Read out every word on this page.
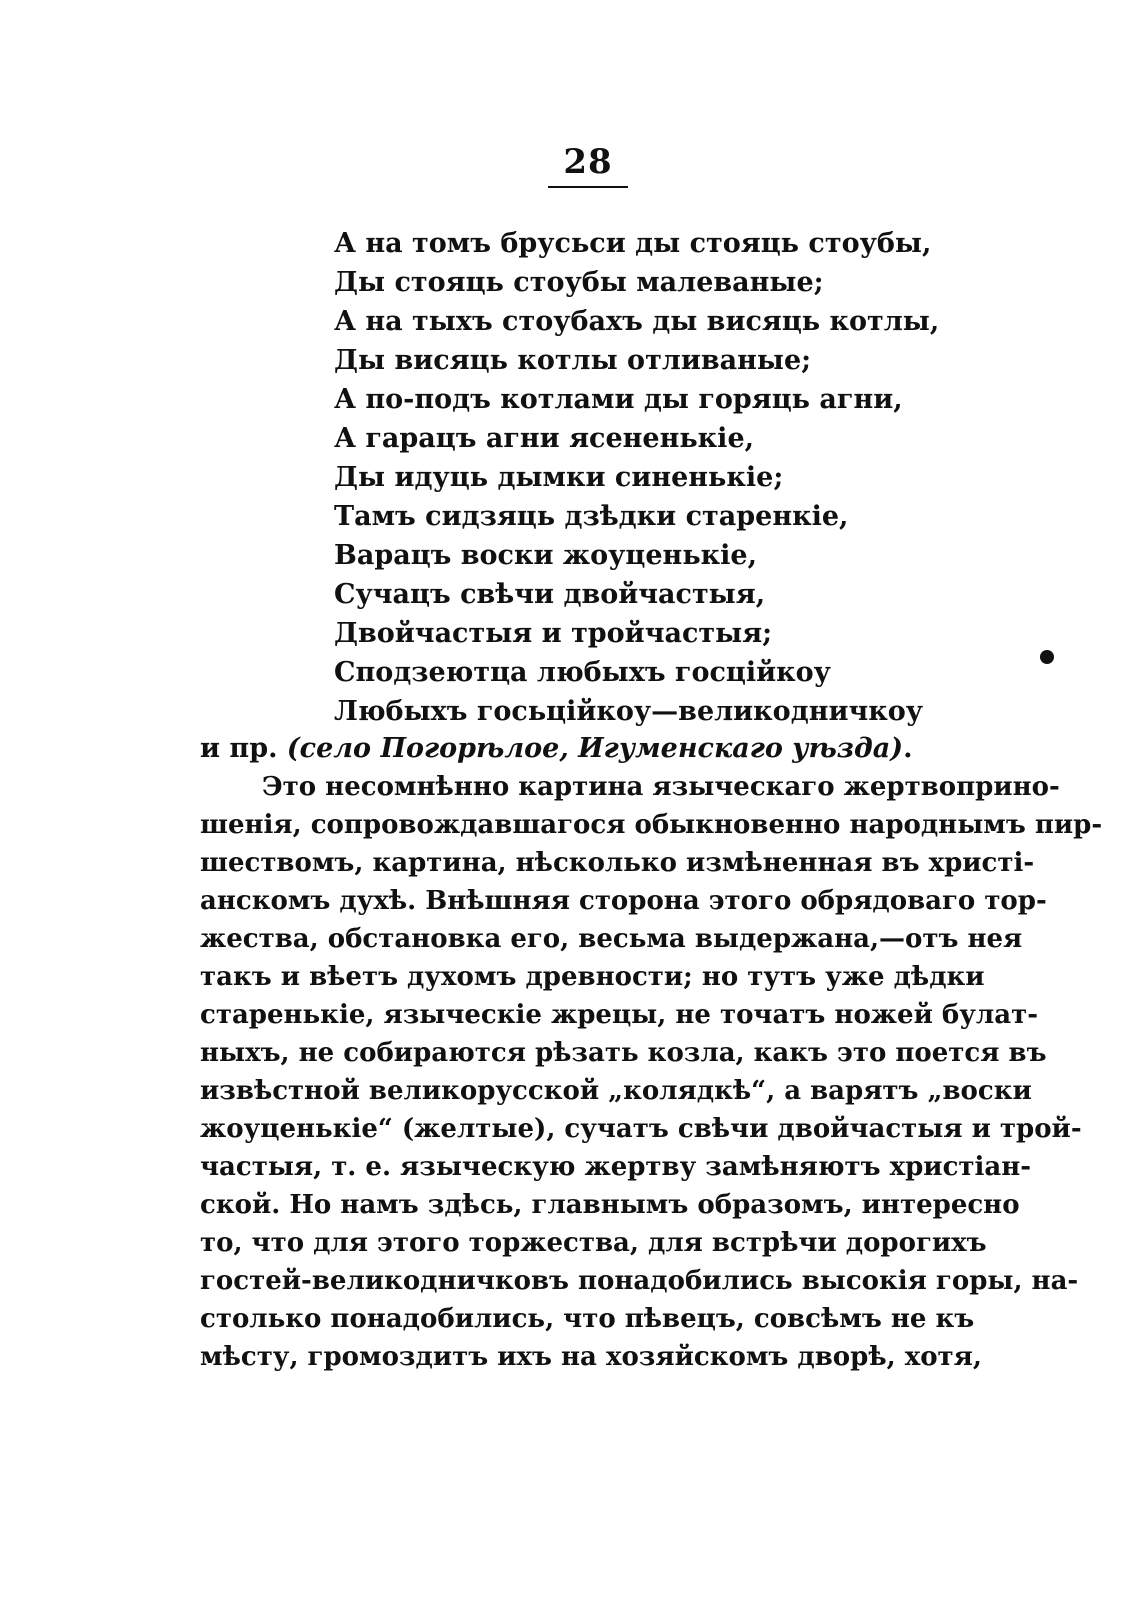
28
А на томъ брусьси ды стояць стоубы,
Ды стояць стоубы малеваные;
А на тыхъ стоубахъ ды висяць котлы,
Ды висяць котлы отливаные;
А по-подъ котлами ды горяць агни,
А гарацъ агни ясененькіе,
Ды идуць дымки синенькіе;
Тамъ сидзяць дзѣдки старенкіе,
Варацъ воски жоуценькіе,
Сучацъ свѣчи двойчастыя,
Двойчастыя и тройчастыя;
Сподзеютца любыхъ госційкоу
Любыхъ госьційкоу—великодничкоу
и пр. (село Погорѣлое, Игуменскаго уѣзда).
Это несомнѣнно картина языческаго жертвоприно-
шенія, сопровождавшагося обыкновенно народнымъ пир-
шествомъ, картина, нѣсколько измѣненная въ христі-
анскомъ духѣ. Внѣшняя сторона этого обрядоваго тор-
жества, обстановка его, весьма выдержана,—отъ нея
такъ и вѣетъ духомъ древности; но тутъ уже дѣдки
старенькіе, языческіе жрецы, не точатъ ножей булат-
ныхъ, не собираются рѣзать козла, какъ это поется въ
извѣстной великорусской „колядкѣ“, а варятъ „воски
жоуценькіе“ (желтые), сучатъ свѣчи двойчастыя и трой-
частыя, т. е. языческую жертву замѣняютъ христіан-
ской. Но намъ здѣсь, главнымъ образомъ, интересно
то, что для этого торжества, для встрѣчи дорогихъ
гостей-великодничковъ понадобились высокія горы, на-
столько понадобились, что пѣвецъ, совсѣмъ не къ
мѣсту, громоздитъ ихъ на хозяйскомъ дворѣ, хотя,
